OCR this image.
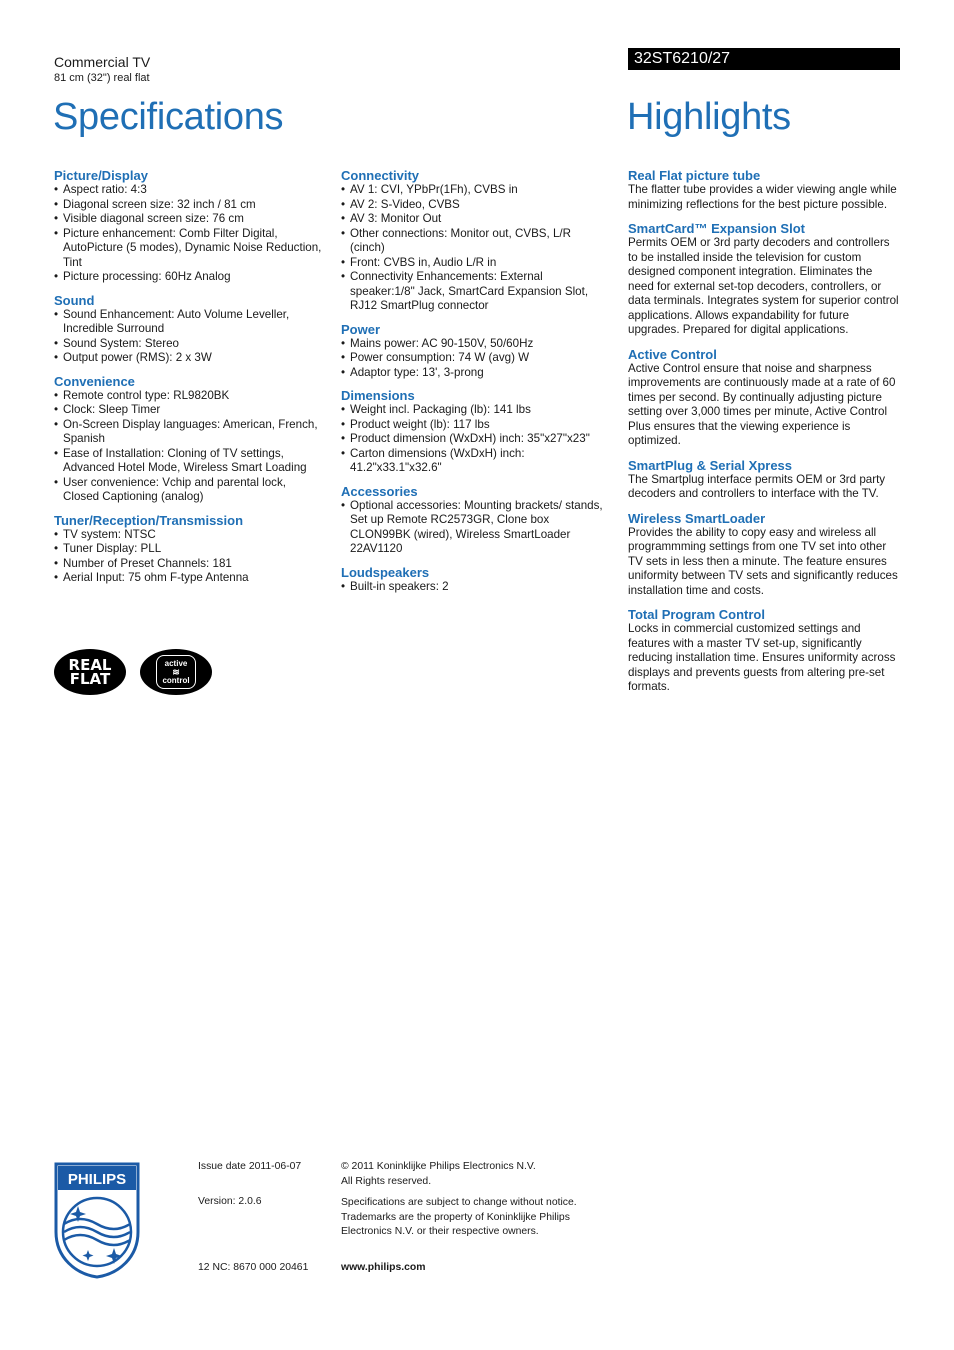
Commercial TV
81 cm (32") real flat
32ST6210/27
Specifications	Highlights
Picture/Display
• Aspect ratio: 4:3
• Diagonal screen size: 32 inch / 81 cm
• Visible diagonal screen size: 76 cm
• Picture enhancement: Comb Filter Digital, AutoPicture (5 modes), Dynamic Noise Reduction, Tint
• Picture processing: 60Hz Analog
Sound
• Sound Enhancement: Auto Volume Leveller, Incredible Surround
• Sound System: Stereo
• Output power (RMS): 2 x 3W
Convenience
• Remote control type: RL9820BK
• Clock: Sleep Timer
• On-Screen Display languages: American, French, Spanish
• Ease of Installation: Cloning of TV settings, Advanced Hotel Mode, Wireless Smart Loading
• User convenience: Vchip and parental lock, Closed Captioning (analog)
Tuner/Reception/Transmission
• TV system: NTSC
• Tuner Display: PLL
• Number of Preset Channels: 181
• Aerial Input: 75 ohm F-type Antenna
Connectivity
• AV 1: CVI, YPbPr(1Fh), CVBS in
• AV 2: S-Video, CVBS
• AV 3: Monitor Out
• Other connections: Monitor out, CVBS, L/R (cinch)
• Front: CVBS in, Audio L/R in
• Connectivity Enhancements: External speaker:1/8" Jack, SmartCard Expansion Slot, RJ12 SmartPlug connector
Power
• Mains power: AC 90-150V, 50/60Hz
• Power consumption: 74 W (avg) W
• Adaptor type: 13', 3-prong
Dimensions
• Weight incl. Packaging (lb): 141 lbs
• Product weight (lb): 117 lbs
• Product dimension (WxDxH) inch: 35"x27"x23"
• Carton dimensions (WxDxH) inch: 41.2"x33.1"x32.6"
Accessories
• Optional accessories: Mounting brackets/ stands, Set up Remote RC2573GR, Clone box CLON99BK (wired), Wireless SmartLoader 22AV1120
Loudspeakers
• Built-in speakers: 2
Real Flat picture tube

The flatter tube provides a wider viewing angle while minimizing reflections for the best picture possible.

SmartCard™ Expansion Slot

Permits OEM or 3rd party decoders and controllers to be installed inside the television for custom designed component integration. Eliminates the need for external set-top decoders, controllers, or data terminals. Integrates system for superior control applications. Allows expandability for future upgrades. Prepared for digital applications.

Active Control

Active Control ensure that noise and sharpness improvements are continuously made at a rate of 60 times per second. By continually adjusting picture setting over 3,000 times per minute, Active Control Plus ensures that the viewing experience is optimized.

SmartPlug & Serial Xpress

The Smartplug interface permits OEM or 3rd party decoders and controllers to interface with the TV.

Wireless SmartLoader

Provides the ability to copy easy and wireless all programmming settings from one TV set into other TV sets in less then a minute. The feature ensures uniformity between TV sets and significantly reduces installation time and costs.

Total Program Control

Locks in commercial customized settings and features with a master TV set-up, significantly reducing installation time. Ensures uniformity across displays and prevents guests from altering pre-set formats.

REAL
FLAT
active
≋
control
PHILIPS
Issue date 2011-06-07
Version: 2.0.6
12 NC: 8670 000 20461
© 2011 Koninklijke Philips Electronics N.V.
All Rights reserved.
Specifications are subject to change without notice.
Trademarks are the property of Koninklijke Philips
Electronics N.V. or their respective owners.
www.philips.com
